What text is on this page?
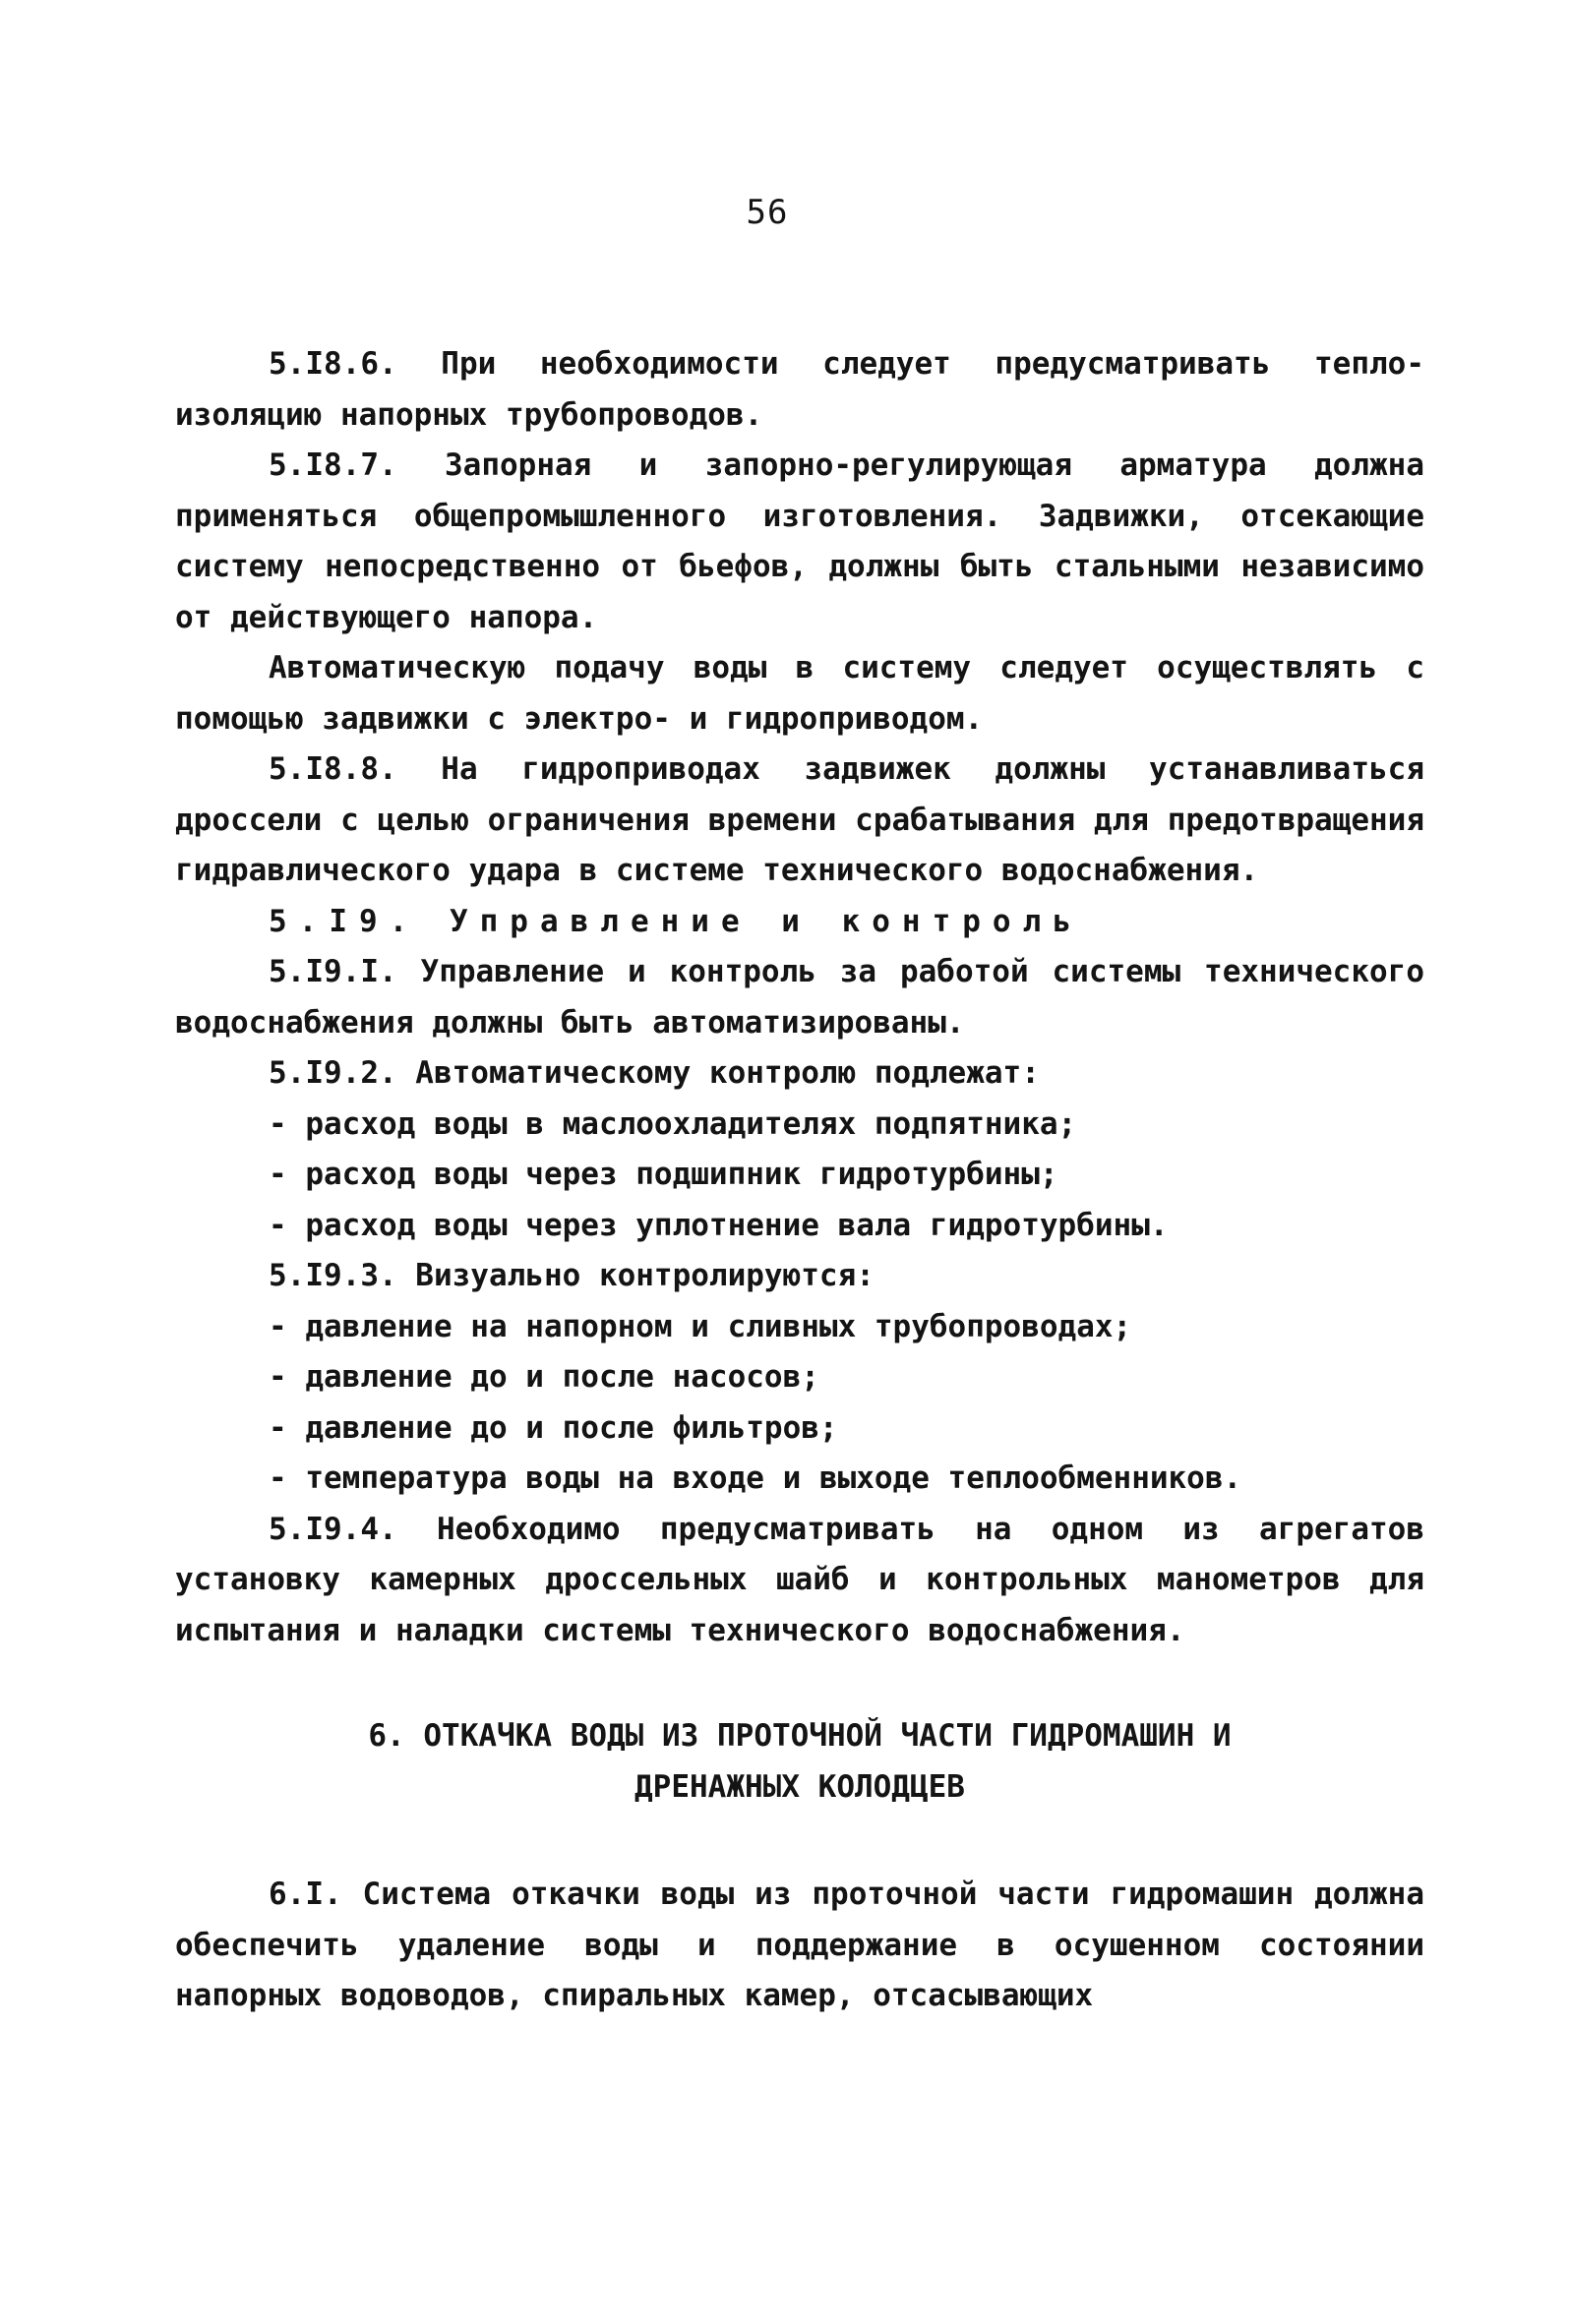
56

5.I8.6. При необходимости следует предусматривать тепло-изоляцию напорных трубопроводов.

5.I8.7. Запорная и запорно-регулирующая арматура должна применяться общепромышленного изготовления. Задвижки, отсекающие систему непосредственно от бьефов, должны быть стальными независимо от действующего напора.

Автоматическую подачу воды в систему следует осуществлять с помощью задвижки с электро- и гидроприводом.

5.I8.8. На гидроприводах задвижек должны устанавливаться дроссели с целью ограничения времени срабатывания для предотвращения гидравлического удара в системе технического водоснабжения.

5.I9. Управление и контроль

5.I9.I. Управление и контроль за работой системы технического водоснабжения должны быть автоматизированы.

5.I9.2. Автоматическому контролю подлежат:

- расход воды в маслоохладителях подпятника;

- расход воды через подшипник гидротурбины;

- расход воды через уплотнение вала гидротурбины.

5.I9.3. Визуально контролируются:

- давление на напорном и сливных трубопроводах;

- давление до и после насосов;

- давление до и после фильтров;

- температура воды на входе и выходе теплообменников.

5.I9.4. Необходимо предусматривать на одном из агрегатов установку камерных дроссельных шайб и контрольных манометров для испытания и наладки системы технического водоснабжения.

6. ОТКАЧКА ВОДЫ ИЗ ПРОТОЧНОЙ ЧАСТИ ГИДРОМАШИН И
ДРЕНАЖНЫХ КОЛОДЦЕВ

6.I. Система откачки воды из проточной части гидромашин должна обеспечить удаление воды и поддержание в осушенном состоянии напорных водоводов, спиральных камер, отсасывающих
